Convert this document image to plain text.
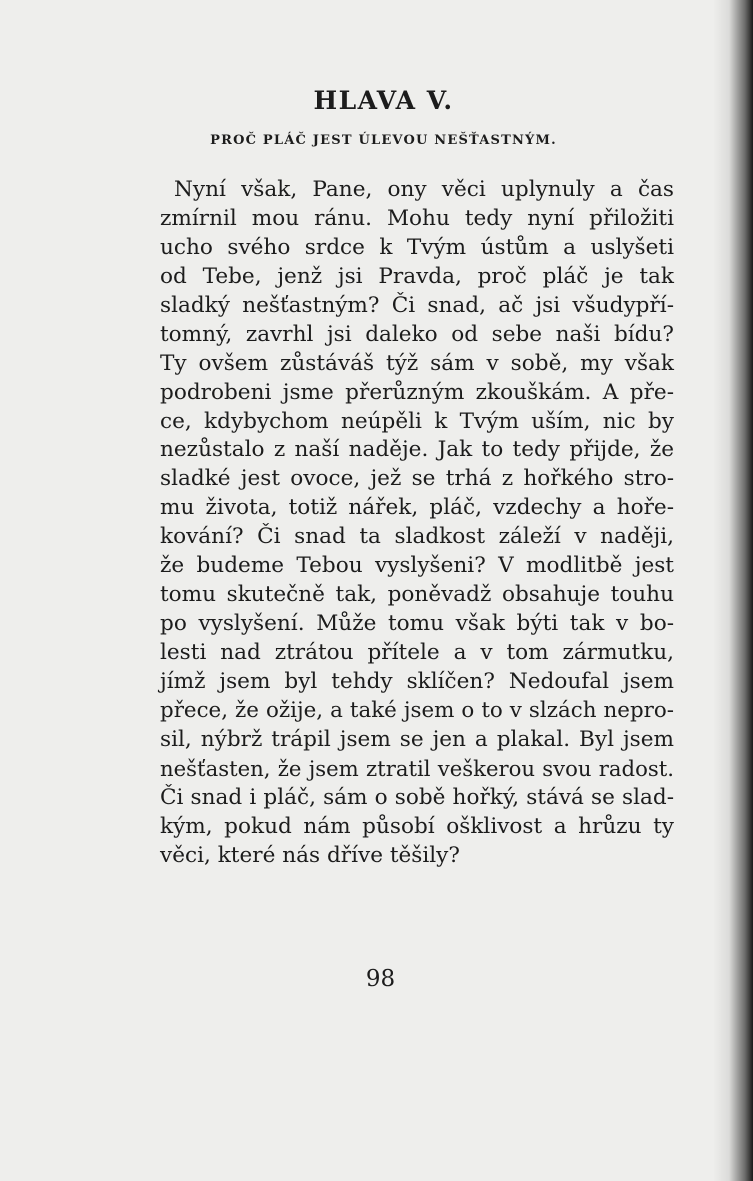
HLAVA V.
PROČ PLÁČ JEST ÚLEVOU NEŠŤASTNÝM.
Nyní však, Pane, ony věci uplynuly a čas
zmírnil mou ránu. Mohu tedy nyní přiložiti
ucho svého srdce k Tvým ústům a uslyšeti
od Tebe, jenž jsi Pravda, proč pláč je tak
sladký nešťastným? Či snad, ač jsi všudypří-
tomný, zavrhl jsi daleko od sebe naši bídu?
Ty ovšem zůstáváš týž sám v sobě, my však
podrobeni jsme přerůzným zkouškám. A pře-
ce, kdybychom neúpěli k Tvým uším, nic by
nezůstalo z naší naděje. Jak to tedy přijde, že
sladké jest ovoce, jež se trhá z hořkého stro-
mu života, totiž nářek, pláč, vzdechy a hoře-
kování? Či snad ta sladkost záleží v naději,
že budeme Tebou vyslyšeni? V modlitbě jest
tomu skutečně tak, poněvadž obsahuje touhu
po vyslyšení. Může tomu však býti tak v bo-
lesti nad ztrátou přítele a v tom zármutku,
jímž jsem byl tehdy sklíčen? Nedoufal jsem
přece, že ožije, a také jsem o to v slzách nepro-
sil, nýbrž trápil jsem se jen a plakal. Byl jsem
nešťasten, že jsem ztratil veškerou svou radost.
Či snad i pláč, sám o sobě hořký, stává se slad-
kým, pokud nám působí ošklivost a hrůzu ty
věci, které nás dříve těšily?
98
